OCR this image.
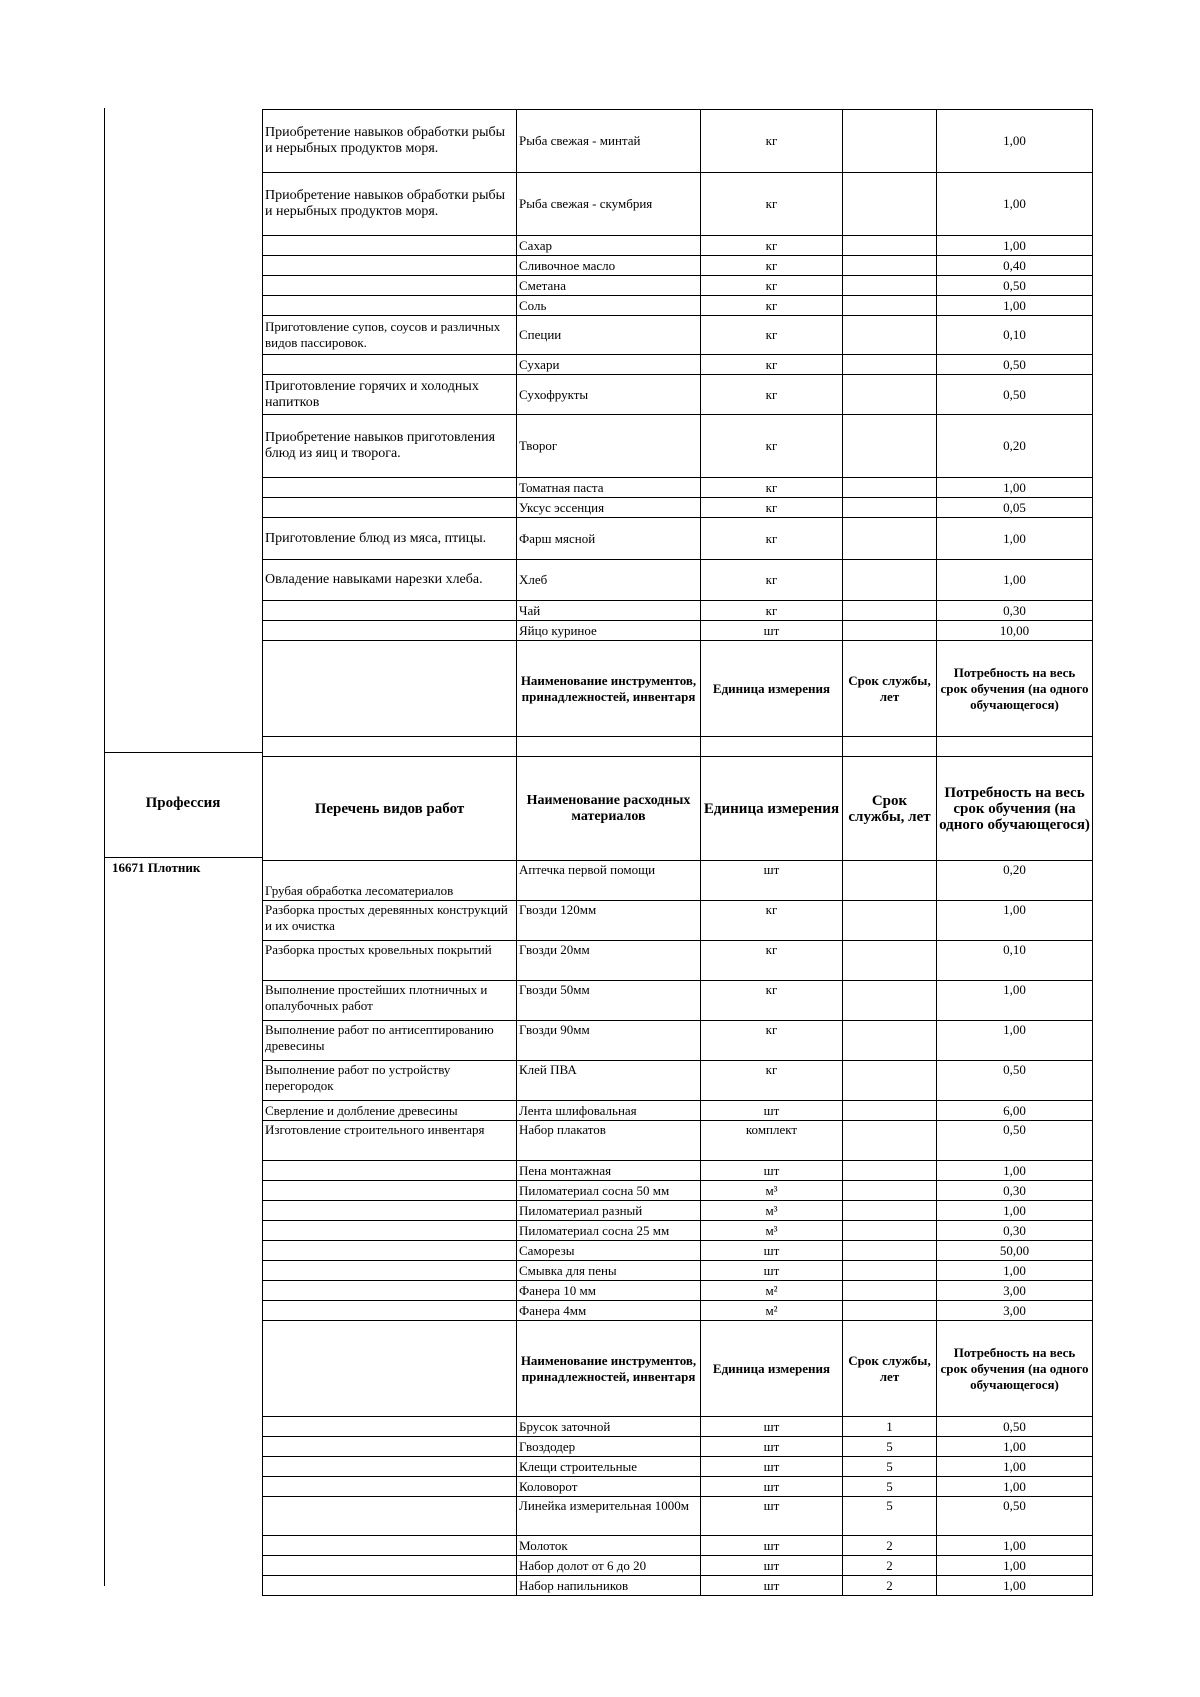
Приобретение навыков обработки рыбы и нерыбных продуктов моря.	Рыба свежая - минтай	кг		1,00
Приобретение навыков обработки рыбы и нерыбных продуктов моря.	Рыба свежая - скумбрия	кг		1,00
	Сахар	кг		1,00
	Сливочное масло	кг		0,40
	Сметана	кг		0,50
	Соль	кг		1,00
Приготовление супов, соусов и различных видов пассировок.	Специи	кг		0,10
	Сухари	кг		0,50
Приготовление горячих и холодных напитков	Сухофрукты	кг		0,50
Приобретение навыков приготовления блюд из яиц и творога.	Творог	кг		0,20
	Томатная паста	кг		1,00
	Уксус эссенция	кг		0,05
Приготовление блюд из мяса, птицы.	Фарш мясной	кг		1,00
Овладение навыками нарезки хлеба.	Хлеб	кг		1,00
	Чай	кг		0,30
	Яйцо куриное	шт		10,00
	Наименование инструментов, принадлежностей, инвентаря	Единица измерения	Срок службы, лет	Потребность на весь срок обучения (на одного обучающегося)

Перечень видов работ	Наименование расходных материалов	Единица измерения	Срок службы, лет	Потребность на весь срок обучения (на одного обучающегося)
Грубая обработка лесоматериалов	Аптечка первой помощи	шт		0,20
Разборка простых деревянных конструкций и их очистка	Гвозди 120мм	кг		1,00
Разборка простых кровельных покрытий	Гвозди 20мм	кг		0,10
Выполнение простейших плотничных и опалубочных работ	Гвозди 50мм	кг		1,00
Выполнение работ по антисептированию древесины	Гвозди 90мм	кг		1,00
Выполнение работ по устройству перегородок	Клей ПВА	кг		0,50
Сверление и долбление древесины	Лента шлифовальная	шт		6,00
Изготовление строительного инвентаря	Набор плакатов	комплект		0,50
	Пена монтажная	шт		1,00
	Пиломатериал сосна 50 мм	м³		0,30
	Пиломатериал разный	м³		1,00
	Пиломатериал сосна 25 мм	м³		0,30
	Саморезы	шт		50,00
	Смывка для пены	шт		1,00
	Фанера 10 мм	м²		3,00
	Фанера 4мм	м²		3,00
	Наименование инструментов, принадлежностей, инвентаря	Единица измерения	Срок службы, лет	Потребность на весь срок обучения (на одного обучающегося)
	Брусок заточной	шт	1	0,50
	Гвоздодер	шт	5	1,00
	Клещи строительные	шт	5	1,00
	Коловорот	шт	5	1,00
	Линейка измерительная 1000м	шт	5	0,50
	Молоток	шт	2	1,00
	Набор долот от 6 до 20	шт	2	1,00
	Набор напильников	шт	2	1,00
Профессия
16671 Плотник
